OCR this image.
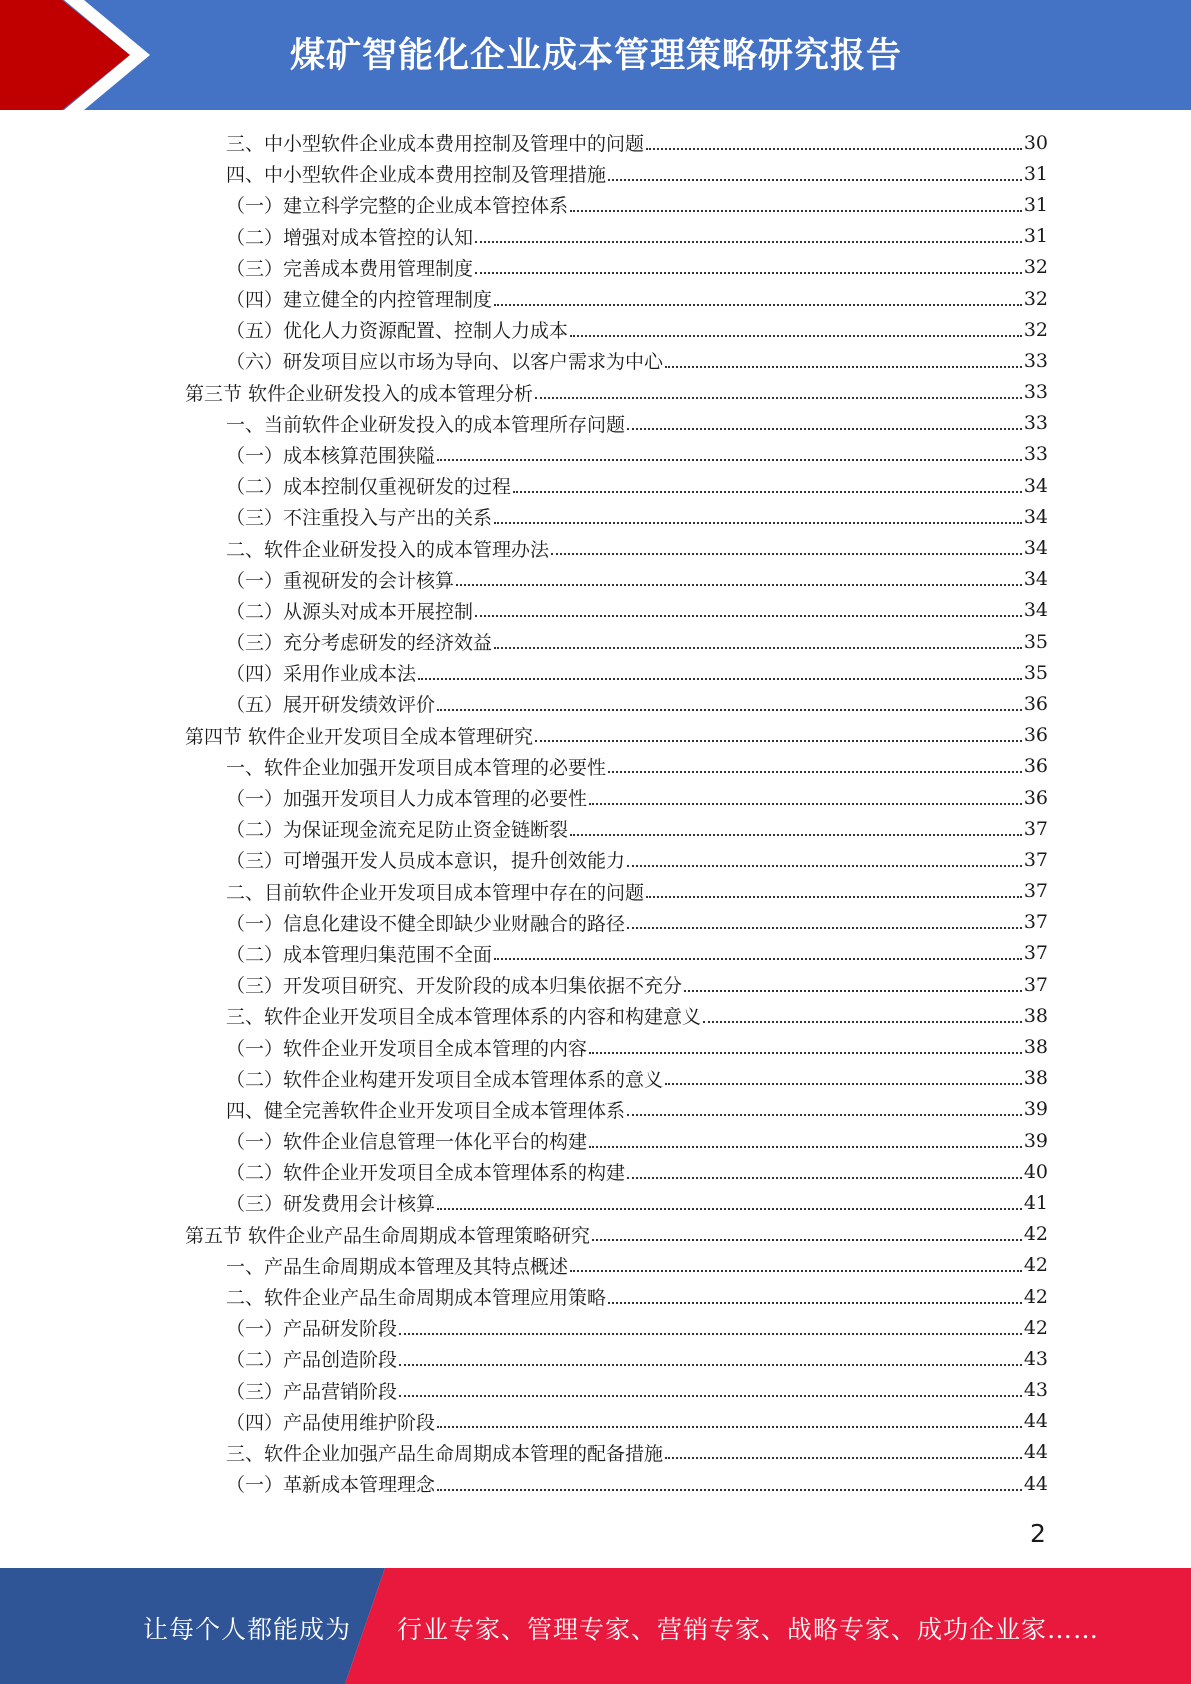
煤矿智能化企业成本管理策略研究报告
三、中小型软件企业成本费用控制及管理中的问题	30
四、中小型软件企业成本费用控制及管理措施	31
（一）建立科学完整的企业成本管控体系	31
（二）增强对成本管控的认知	31
（三）完善成本费用管理制度	32
（四）建立健全的内控管理制度	32
（五）优化人力资源配置、控制人力成本	32
（六）研发项目应以市场为导向、以客户需求为中心	33
第三节 软件企业研发投入的成本管理分析	33
一、当前软件企业研发投入的成本管理所存问题	33
（一）成本核算范围狭隘	33
（二）成本控制仅重视研发的过程	34
（三）不注重投入与产出的关系	34
二、软件企业研发投入的成本管理办法	34
（一）重视研发的会计核算	34
（二）从源头对成本开展控制	34
（三）充分考虑研发的经济效益	35
（四）采用作业成本法	35
（五）展开研发绩效评价	36
第四节 软件企业开发项目全成本管理研究	36
一、软件企业加强开发项目成本管理的必要性	36
（一）加强开发项目人力成本管理的必要性	36
（二）为保证现金流充足防止资金链断裂	37
（三）可增强开发人员成本意识，提升创效能力	37
二、目前软件企业开发项目成本管理中存在的问题	37
（一）信息化建设不健全即缺少业财融合的路径	37
（二）成本管理归集范围不全面	37
（三）开发项目研究、开发阶段的成本归集依据不充分	37
三、软件企业开发项目全成本管理体系的内容和构建意义	38
（一）软件企业开发项目全成本管理的内容	38
（二）软件企业构建开发项目全成本管理体系的意义	38
四、健全完善软件企业开发项目全成本管理体系	39
（一）软件企业信息管理一体化平台的构建	39
（二）软件企业开发项目全成本管理体系的构建	40
（三）研发费用会计核算	41
第五节 软件企业产品生命周期成本管理策略研究	42
一、产品生命周期成本管理及其特点概述	42
二、软件企业产品生命周期成本管理应用策略	42
（一）产品研发阶段	42
（二）产品创造阶段	43
（三）产品营销阶段	43
（四）产品使用维护阶段	44
三、软件企业加强产品生命周期成本管理的配备措施	44
（一）革新成本管理理念	44
2
让每个人都能成为 行业专家、管理专家、营销专家、战略专家、成功企业家……
